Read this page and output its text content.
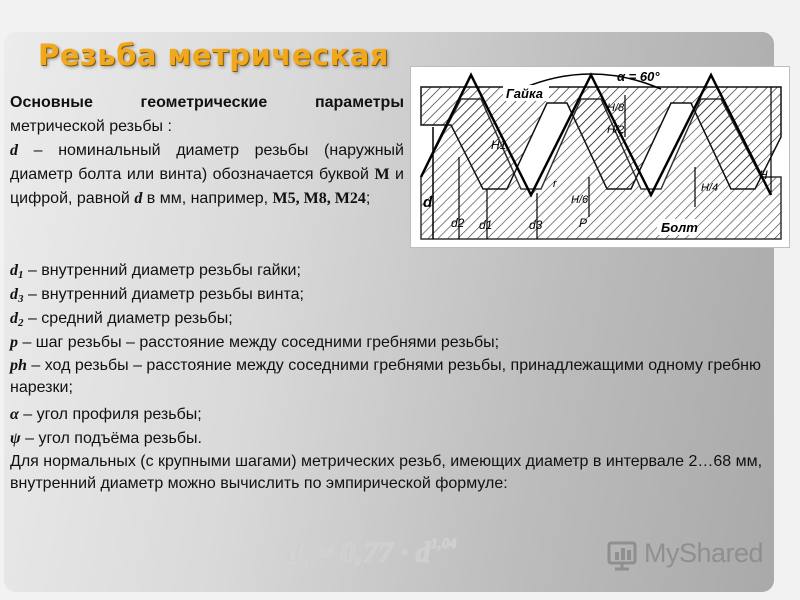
Резьба метрическая
α = 60°
Гайка
Болт
d
d2 d1	d3
H1
H/8
H/2
H/6
r
P
H/4
H
Основные геометрические параметры метрической резьбы :
d – номинальный диаметр резьбы (наружный диаметр болта или винта) обозначается буквой М и цифрой, равной d в мм, например, М5, М8, М24;
$d_1$ – внутренний диаметр резьбы гайки;
$d_3$ – внутренний диаметр резьбы винта;
$d_2$ – средний диаметр резьбы;
p – шаг резьбы – расстояние между соседними гребнями резьбы;
ph – ход резьбы – расстояние между соседними гребнями резьбы, принадлежащими одному гребню нарезки;
α – угол профиля резьбы;
ψ – угол подъёма резьбы.
Для нормальных (с крупными шагами) метрических резьб, имеющих диаметр в интервале 2…68 мм, внутренний диаметр можно вычислить по эмпирической формуле:
$d_1 \approx 0,77 \cdot d^{1,04}$	MyShared
